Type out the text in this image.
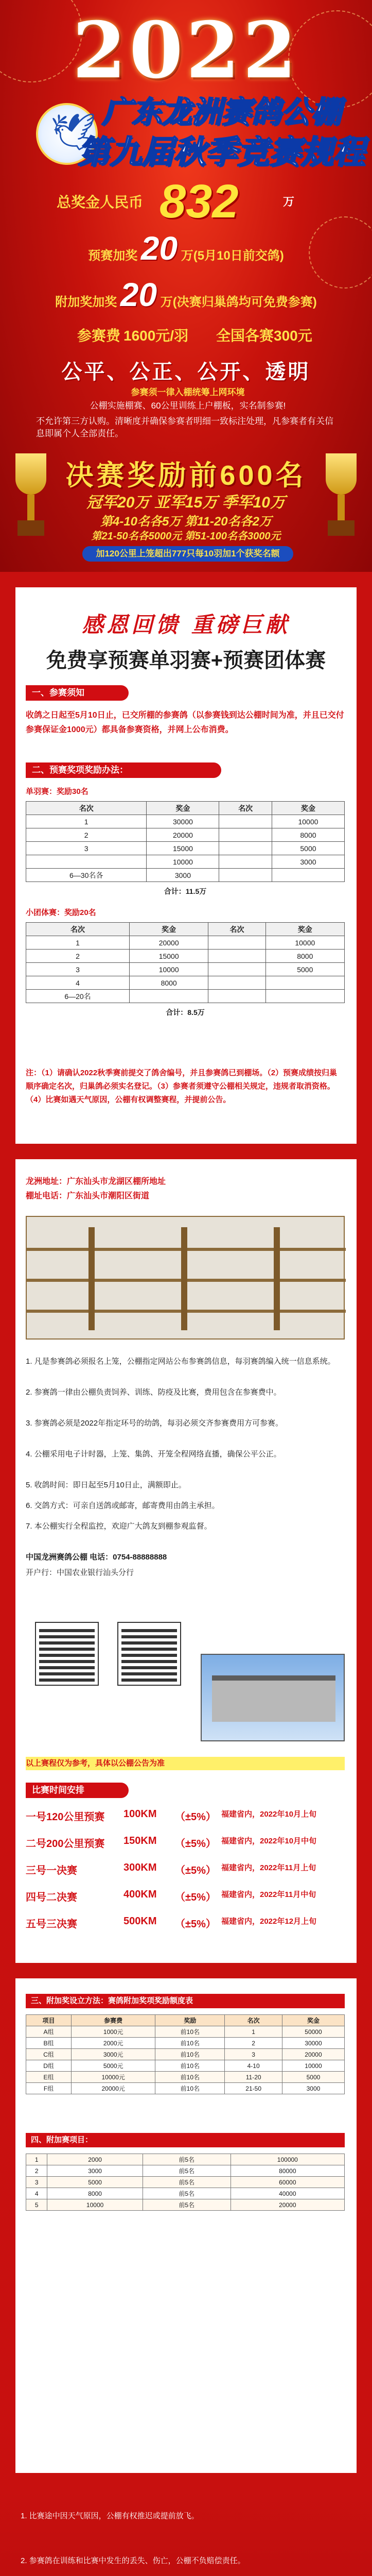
2022
🕊
广东龙洲赛鸽公棚
第九届秋季竞赛规程
总奖金人民币 832	万
预赛加奖 20 万(5月10日前交鸽)
附加奖加奖 20 万(决赛归巢鸽均可免费参赛)
参赛费 1600元/羽 全国各赛300元
公平、公正、公开、透明
参赛须一律入棚统筹上网环境
公棚实施棚赛、60公里训练上户棚板，实名制参赛!
不允许第三方认购。清晰度并确保参赛者明细一致标注处理，凡参赛者有关信息即属个人全部责任。
决赛奖励前600名
冠军20万 亚军15万 季军10万
第4-10名各5万 第11-20名各2万
第21-50名各5000元 第51-100名各3000元
加120公里上笼超出777只每10羽加1个获奖名额
感恩回馈 重磅巨献
免费享预赛单羽赛+预赛团体赛
一、参赛须知
收鸽之日起至5月10日止，已交所棚的参赛鸽（以参赛钱到达公棚时间为准，并且已交付参赛保证金1000元）都具备参赛资格，并网上公布消费。
二、预赛奖项奖励办法：
单羽赛：奖励30名
名次	奖金	名次	奖金
1	30000		10000
2	20000		8000
3	15000		5000
	10000		3000
6—30名各	3000		
合计：11.5万
小团体赛：奖励20名
名次	奖金	名次	奖金
1	20000		10000
2	15000		8000
3	10000		5000
4	8000		
6—20名			
合计：8.5万
注：（1）请确认2022秋季赛前提交了鸽舍编号，并且参赛鸽已到棚场。（2）预赛成绩按归巢顺序确定名次，归巢鸽必须实名登记。（3）参赛者须遵守公棚相关规定，违规者取消资格。（4）比赛如遇天气原因，公棚有权调整赛程，并提前公告。
龙洲地址：广东汕头市龙湖区棚所地址
棚址电话：广东汕头市潮阳区街道
1. 凡是参赛鸽必须报名上笼，公棚指定网站公布参赛鸽信息，每羽赛鸽编入统一信息系统。
2. 参赛鸽一律由公棚负责饲养、训练、防疫及比赛，费用包含在参赛费中。
3. 参赛鸽必须是2022年指定环号的幼鸽，每羽必须交齐参赛费用方可参赛。
4. 公棚采用电子计时器，上笼、集鸽、开笼全程网络直播，确保公平公正。
5. 收鸽时间：即日起至5月10日止，满额即止。
6. 交鸽方式：可亲自送鸽或邮寄，邮寄费用由鸽主承担。
7. 本公棚实行全程监控，欢迎广大鸽友到棚参观监督。
中国龙洲赛鸽公棚 电话：0754-88888888
开户行：中国农业银行汕头分行
以上赛程仅为参考，具体以公棚公告为准
比赛时间安排
一号120公里预赛 100KM （±5%） 福建省内，2022年10月上旬
二号200公里预赛 150KM （±5%） 福建省内，2022年10月中旬
三号一决赛	300KM （±5%） 福建省内，2022年11月上旬
四号二决赛	400KM （±5%） 福建省内，2022年11月中旬
五号三决赛	500KM （±5%） 福建省内，2022年12月上旬
三、附加奖设立方法：赛鸽附加奖项奖励额度表
项目	参赛费	奖励	名次	奖金
A组	1000元	前10名	1	50000
B组	2000元	前10名	2	30000
C组	3000元	前10名	3	20000
D组	5000元	前10名	4-10	10000
E组	10000元	前10名	11-20	5000
F组	20000元	前10名	21-50	3000
四、附加赛项目：
1	2000	前5名	100000
2	3000	前5名	80000
3	5000	前5名	60000
4	8000	前5名	40000
5	10000	前5名	20000
1. 比赛途中因天气原因，公棚有权推迟或提前放飞。
2. 参赛鸽在训练和比赛中发生的丢失、伤亡，公棚不负赔偿责任。
